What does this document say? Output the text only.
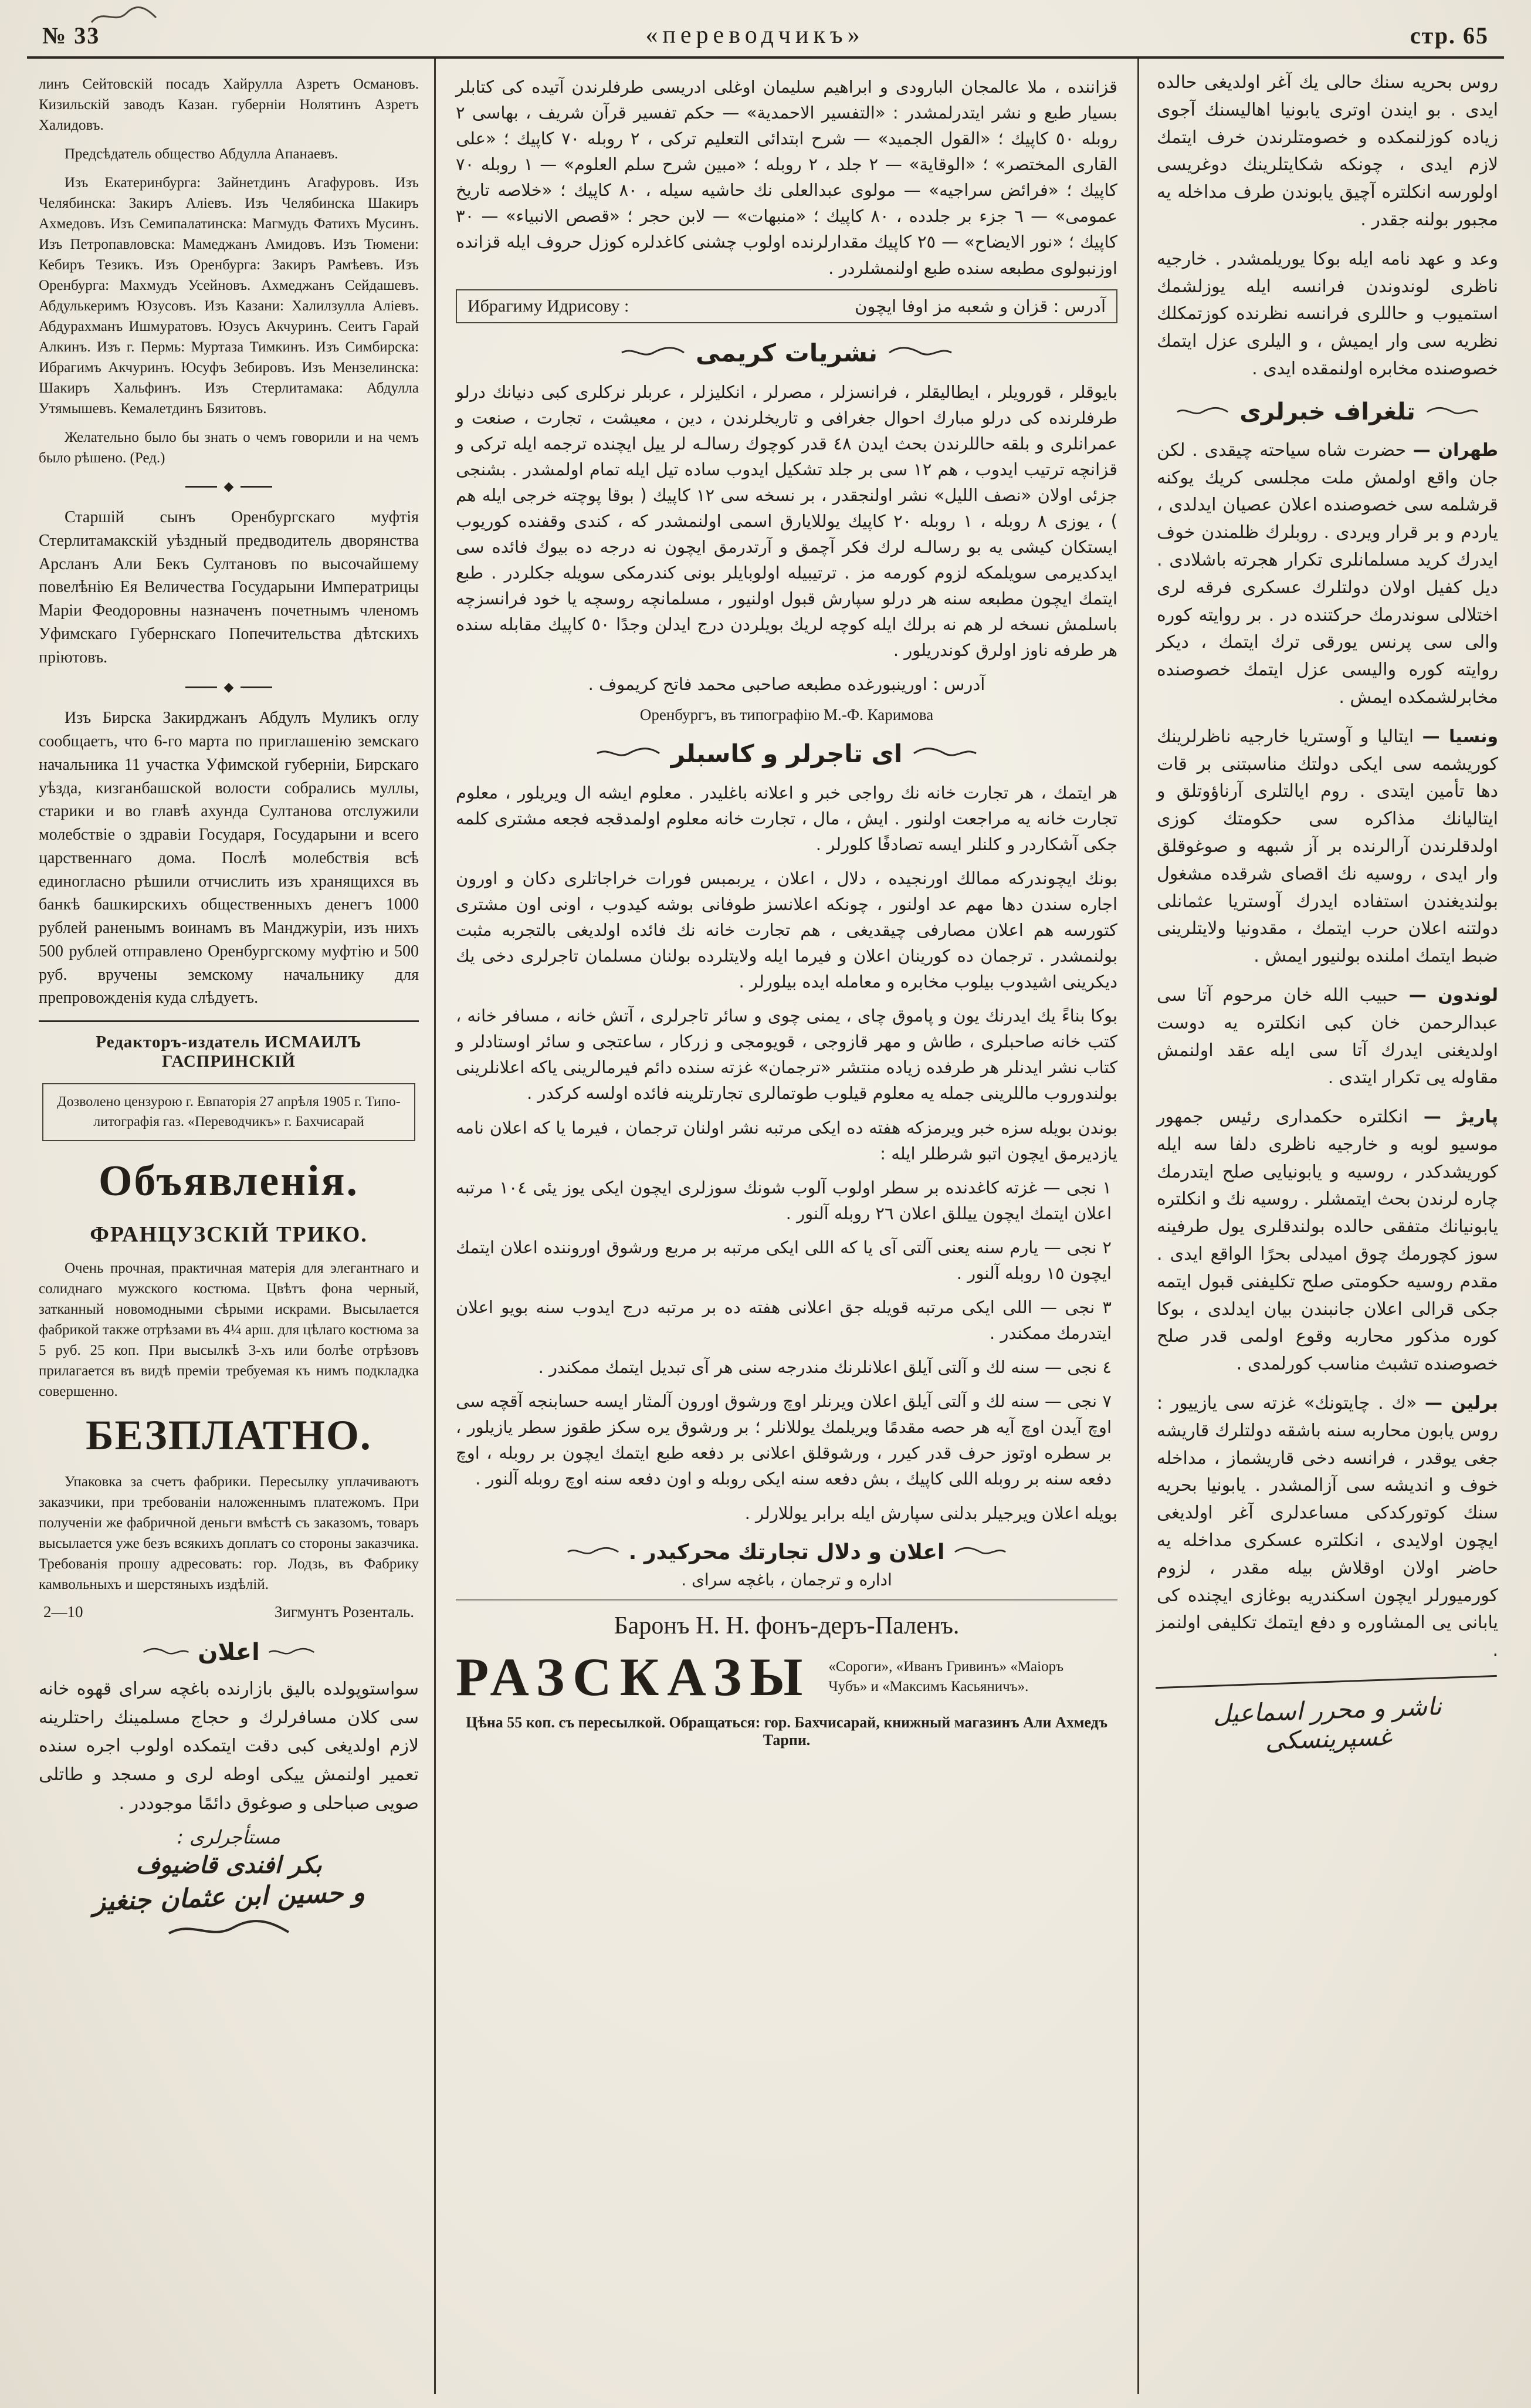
№ 33	«переводчикъ»	стр. 65

линъ Сейтовскій посадъ Хайрулла Азретъ Османовъ. Кизильскій заводъ Казан. губерніи Нолятинъ Азретъ Халидовъ.

Предсѣдатель общество Абдулла Апанаевъ.

Изъ Екатеринбурга: Зайнетдинъ Агафуровъ. Изъ Челябинска: Закиръ Аліевъ. Изъ Челябинска Шакиръ Ахмедовъ. Изъ Семипалатинска: Магмудъ Фатихъ Мусинъ. Изъ Петропавловска: Мамеджанъ Амидовъ. Изъ Тюмени: Кебиръ Тезикъ. Изъ Оренбурга: Закиръ Рамѣевъ. Изъ Оренбурга: Махмудъ Усейновъ. Ахмеджанъ Сейдашевъ. Абдулькеримъ Юзусовъ. Изъ Казани: Халилзулла Аліевъ. Абдурахманъ Ишмуратовъ. Юзусъ Акчуринъ. Сеитъ Гарай Алкинъ. Изъ г. Пермь: Муртаза Тимкинъ. Изъ Симбирска: Ибрагимъ Акчуринъ. Юсуфъ Зебировъ. Изъ Мензелинска: Шакиръ Хальфинъ. Изъ Стерлитамака: Абдулла Утямышевъ. Кемалетдинъ Бязитовъ.

Желательно было бы знать о чемъ говорили и на чемъ было рѣшено. (Ред.)

◆

Старшій сынъ Оренбургскаго муфтія Стерлитамакскій уѣздный предводитель дворянства Арсланъ Али Бекъ Султановъ по высочайшему повелѣнію Ея Величества Государыни Императрицы Маріи Феодоровны назначенъ почетнымъ членомъ Уфимскаго Губернскаго Попечительства дѣтскихъ пріютовъ.

◆

Изъ Бирска Закирджанъ Абдулъ Муликъ оглу сообщаетъ, что 6-го марта по приглашенію земскаго начальника 11 участка Уфимской губерніи, Бирскаго уѣзда, кизганбашской волости собрались муллы, старики и во главѣ ахунда Султанова отслужили молебствіе о здравіи Государя, Государыни и всего царственнаго дома. Послѣ молебствія всѣ единогласно рѣшили отчислить изъ хранящихся въ банкѣ башкирскихъ общественныхъ денегъ 1000 рублей раненымъ воинамъ въ Манджуріи, изъ нихъ 500 рублей отправлено Оренбургскому муфтію и 500 руб. вручены земскому начальнику для препровожденія куда слѣдуетъ.

Редакторъ-издатель ИСМАИЛЪ ГАСПРИНСКІЙ
Дозволено цензурою г. Евпаторія 27 апрѣля 1905 г. Типо-литографія газ. «Переводчикъ» г. Бахчисарай
Объявленія.
ФРАНЦУЗСКІЙ ТРИКО.

Очень прочная, практичная матерія для элегантнаго и солиднаго мужского костюма. Цвѣтъ фона черный, затканный новомодными сѣрыми искрами. Высылается фабрикой также отрѣзами въ 4¼ арш. для цѣлаго костюма за 5 руб. 25 коп. При высылкѣ 3-хъ или болѣе отрѣзовъ прилагается въ видѣ преміи требуемая къ нимъ подкладка совершенно.

БЕЗПЛАТНО.

Упаковка за счетъ фабрики. Пересылку уплачиваютъ заказчики, при требованіи наложеннымъ платежомъ. При полученіи же фабричной деньги вмѣстѣ съ заказомъ, товаръ высылается уже безъ всякихъ доплатъ со стороны заказчика. Требованія прошу адресовать: гор. Лодзь, въ Фабрику камвольныхъ и шерстяныхъ издѣлій.

2—10	Зигмунтъ Розенталь.
اعلان

سواستوپولده باليق بازارنده باغچه سراى قهوه خانه سى كلان مسافرلرك و حجاج مسلمينك راحتلرينه لازم اولديغى كبى دقت ايتمكده اولوب اجره سنده تعمير اولنمش ييكى اوطه لرى و مسجد و طاتلى صويى صباحلى و صوغوق دائمًا موجوددر .

مستأجرلرى :
بكر افندى قاضيوف
و حسين ابن عثمان جنغيز

قزاننده ، ملا عالمجان البارودى و ابراهيم سليمان اوغلى ادريسى طرفلرندن آتيده كى كتابلر بسيار طبع و نشر ايتدرلمشدر : «التفسير الاحمدية» — حكم تفسير قرآن شريف ، بهاسى ٢ روبله ٥٠ كاپيك ؛ «القول الجميد» — شرح ابتدائى التعليم تركى ، ٢ روبله ٧٠ كاپيك ؛ «على القارى المختصر» ؛ «الوقاية» — ٢ جلد ، ٢ روبله ؛ «مبين شرح سلم العلوم» — ١ روبله ٧٠ كاپيك ؛ «فرائض سراجيه» — مولوى عبدالعلى نك حاشيه سيله ، ٨٠ كاپيك ؛ «خلاصه تاريخ عمومى» — ٦ جزء بر جلدده ، ٨٠ كاپيك ؛ «منبهات» — لابن حجر ؛ «قصص الانبياء» — ٣٠ كاپيك ؛ «نور الايضاح» — ٢٥ كاپيك مقدارلرنده اولوب چشنى كاغدلره كوزل حروف ايله قزانده اوزنبولوى مطبعه سنده طبع اولنمشلردر .

Ибрагиму Идрисову :	آدرس : قزان و شعبه مز اوفا ايچون
نشريات كريمى

بايوقلر ، قورويلر ، ايطاليقلر ، فرانسزلر ، مصرلر ، انكليزلر ، عربلر نركلرى كبى دنيانك درلو طرفلرنده كى درلو مبارك احوال جغرافى و تاريخلرندن ، دين ، معيشت ، تجارت ، صنعت و عمرانلرى و بلقه حاللرندن بحث ايدن ٤٨ قدر كوچوك رسالـه لر ييل ايچنده ترجمه ايله تركى و قزانچه ترتيب ايدوب ، هم ١٢ سى بر جلد تشكيل ايدوب ساده تيل ايله تمام اولمشدر . بشنجى جزئى اولان «نصف الليل» نشر اولنجقدر ، بر نسخه سى ١٢ كاپيك ( بوقا پوچته خرجى ايله هم ) ، يوزى ٨ روبله ، ١ روبله ٢٠ كاپيك يوللايارق اسمى اولنمشدر كه ، كندى وقفنده كوريوب ايستكان كيشى يه بو رسالـه لرك فكر آچمق و آرتدرمق ايچون نه درجه ده بيوك فائده سى ايدكديرمى سويلمكه لزوم كورمه مز . ترتيبيله اولوبايلر بونى كندرمكى سويله جكلردر . طبع ايتمك ايچون مطبعه سنه هر درلو سپارش قبول اولنيور ، مسلمانچه روسچه يا خود فرانسزچه باسلمش نسخه لر هم نه برلك ايله كوچه لريك بويلردن درج ايدلن وجدًا ٥٠ كاپيك مقابله سنده هر طرفه ناوز اولرق كوندريلور .

آدرس : اورينبورغده مطبعه صاحبى محمد فاتح كريموف .

Оренбургъ, въ типографію М.-Ф. Каримова
اى تاجرلر و كاسبلر

هر ايتمك ، هر تجارت خانه نك رواجى خبر و اعلانه باغليدر . معلوم ايشه ال ويريلور ، معلوم تجارت خانه يه مراجعت اولنور . ايش ، مال ، تجارت خانه معلوم اولمدقجه فجعه مشترى كلمه جكى آشكاردر و كلنلر ايسه تصادفًا كلورلر .

بونك ايچوندركه ممالك اورنجيده ، دلال ، اعلان ، يربمبس فورات خراجاتلرى دكان و اورون اجاره سندن دها مهم عد اولنور ، چونكه اعلانسز طوفانى بوشه كيدوب ، اونى اون مشترى كتورسه هم اعلان مصارفى چيقديغى ، هم تجارت خانه نك فائده اولديغى بالتجربه مثبت بولنمشدر . ترجمان ده كورينان اعلان و فيرما ايله ولايتلرده بولنان مسلمان تاجرلرى دخى يك ديكرينى اشيدوب بيلوب مخابره و معامله ايده بيلورلر .

بوكا بناءً يك ايدرنك يون و پاموق چاى ، يمنى چوى و سائر تاجرلرى ، آتش خانه ، مسافر خانه ، كتب خانه صاحبلرى ، طاش و مهر قازوجى ، قويومجى و زركار ، ساعتجى و سائر اوستادلر و كتاب نشر ايدنلر هر طرفده زياده منتشر «ترجمان» غزته سنده دائم فيرمالرينى ياكه اعلانلرينى بولندوروب ماللرينى جمله يه معلوم قيلوب طوتمالرى تجارتلرينه فائده اولسه كركدر .

بوندن بويله سزه خبر ويرمزكه هفته ده ايكى مرتبه نشر اولنان ترجمان ، فيرما يا كه اعلان نامه يازديرمق ايچون اتبو شرطلر ايله :

١ نجى — غزته كاغدنده بر سطر اولوب آلوب شونك سوزلرى ايچون ايكى يوز يئى ١٠٤ مرتبه اعلان ايتمك ايچون ييللق اعلان ٢٦ روبله آلنور .

٢ نجى — يارم سنه يعنى آلتى آى يا كه اللى ايكى مرتبه بر مربع ورشوق اوروننده اعلان ايتمك ايچون ١٥ روبله آلنور .

٣ نجى — اللى ايكى مرتبه قويله جق اعلانى هفته ده بر مرتبه درج ايدوب سنه بويو اعلان ايتدرمك ممكندر .

٤ نجى — سنه لك و آلتى آيلق اعلانلرنك مندرجه سنى هر آى تبديل ايتمك ممكندر .

٧ نجى — سنه لك و آلتى آيلق اعلان ويرنلر اوچ ورشوق اورون آلمثار ايسه حسابنجه آقچه سى اوچ آيدن اوچ آيه هر حصه مقدمًا ويريلمك يوللانلر ؛ بر ورشوق يره سكز طقوز سطر يازيلور ، بر سطره اوتوز حرف قدر كيرر ، ورشوقلق اعلانى بر دفعه طبع ايتمك ايچون بر روبله ، اوچ دفعه سنه بر روبله اللى كاپيك ، بش دفعه سنه ايكى روبله و اون دفعه سنه اوچ روبله آلنور .

بويله اعلان ويرجيلر بدلنى سپارش ايله برابر يوللارلر .

اعلان و دلال تجارتك محركيدر .
اداره و ترجمان ، باغچه سراى .
Баронъ Н. Н. фонъ-деръ-Паленъ.
РАЗСКАЗЫ «Сороги», «Иванъ Гривинъ» «Маіоръ Чубъ» и «Максимъ Касьяничъ».
Цѣна 55 коп. съ пересылкой. Обращаться: гор. Бахчисарай, книжный магазинъ Али Ахмедъ Тарпи.

روس بحريه سنك حالى يك آغر اولديغى حالده ايدى . بو ايندن اوترى يابونيا اهاليسنك آجوى زياده كوزلنمكده و خصومتلرندن خرف ايتمك لازم ايدى ، چونكه شكايتلرينك دوغريسى اولورسه انكلتره آچيق يابوندن طرف مداخله يه مجبور بولنه جقدر .

وعد و عهد نامه ايله بوكا يوريلمشدر . خارجيه ناظرى لوندوندن فرانسه ايله يوزلشمك استميوب و حاللرى فرانسه نظرنده كوزتمكلك نظريه سى وار ايميش ، و اليلرى عزل ايتمك خصوصنده مخابره اولنمقده ايدى .

تلغراف خبرلرى

طهران — حضرت شاه سياحته چيقدى . لكن جان واقع اولمش ملت مجلسى كريك يوكنه قرشلمه سى خصوصنده اعلان عصيان ايدلدى ، ياردم و بر قرار ويردى . روبلرك ظلمندن خوف ايدرك كريد مسلمانلرى تكرار هجرته باشلادى . ديل كفيل اولان دولتلرك عسكرى فرقه لرى اختلالى سوندرمك حركتنده در . بر روايته كوره والى سى پرنس يورقى ترك ايتمك ، ديكر روايته كوره واليسى عزل ايتمك خصوصنده مخابرلشمكده ايمش .

ونسيا — ايتاليا و آوستريا خارجيه ناظرلرينك كوريشمه سى ايكى دولتك مناسبتنى بر قات دها تأمين ايتدى . روم ايالتلرى آرناؤوتلق و ايتاليانك مذاكره سى حكومتك كوزى اولدقلرندن آرالرنده بر آز شبهه و صوغوقلق وار ايدى ، روسيه نك اقصاى شرقده مشغول بولنديغندن استفاده ايدرك آوستريا عثمانلى دولتنه اعلان حرب ايتمك ، مقدونيا ولايتلرينى ضبط ايتمك املنده بولنيور ايمش .

لوندون — حبيب الله خان مرحوم آتا سى عبدالرحمن خان كبى انكلتره يه دوست اولديغنى ايدرك آتا سى ايله عقد اولنمش مقاوله يى تكرار ايتدى .

پاريژ — انكلتره حكمدارى رئيس جمهور موسيو لوبه و خارجيه ناظرى دلفا سه ايله كوريشدكدر ، روسيه و يابونيايى صلح ايتدرمك چاره لرندن بحث ايتمشلر . روسيه نك و انكلتره يابونيانك متفقى حالده بولندقلرى يول طرفينه سوز كچورمك چوق اميدلى بحرًا الواقع ايدى . مقدم روسيه حكومتى صلح تكليفنى قبول ايتمه جكى قرالى اعلان جانبندن بيان ايدلدى ، بوكا كوره مذكور محاربه وقوع اولمى قدر صلح خصوصنده تشبث مناسب كورلمدى .

برلين — «ك . چايتونك» غزته سى يازييور : روس يابون محاربه سنه باشقه دولتلرك قاريشه جغى يوقدر ، فرانسه دخى قاريشماز ، مداخله خوف و انديشه سى آزالمشدر . يابونيا بحريه سنك كوتوركدكى مساعدلرى آغر اولديغى ايچون اولايدى ، انكلتره عسكرى مداخله يه حاضر اولان اوقلاش بيله مقدر ، لزوم كورميورلر ايچون اسكندريه بوغازى ايچنده كى يابانى يى المشاوره و دفع ايتمك تكليفى اولنمز .

ناشر و محرر اسماعيل غسپرينسكى
